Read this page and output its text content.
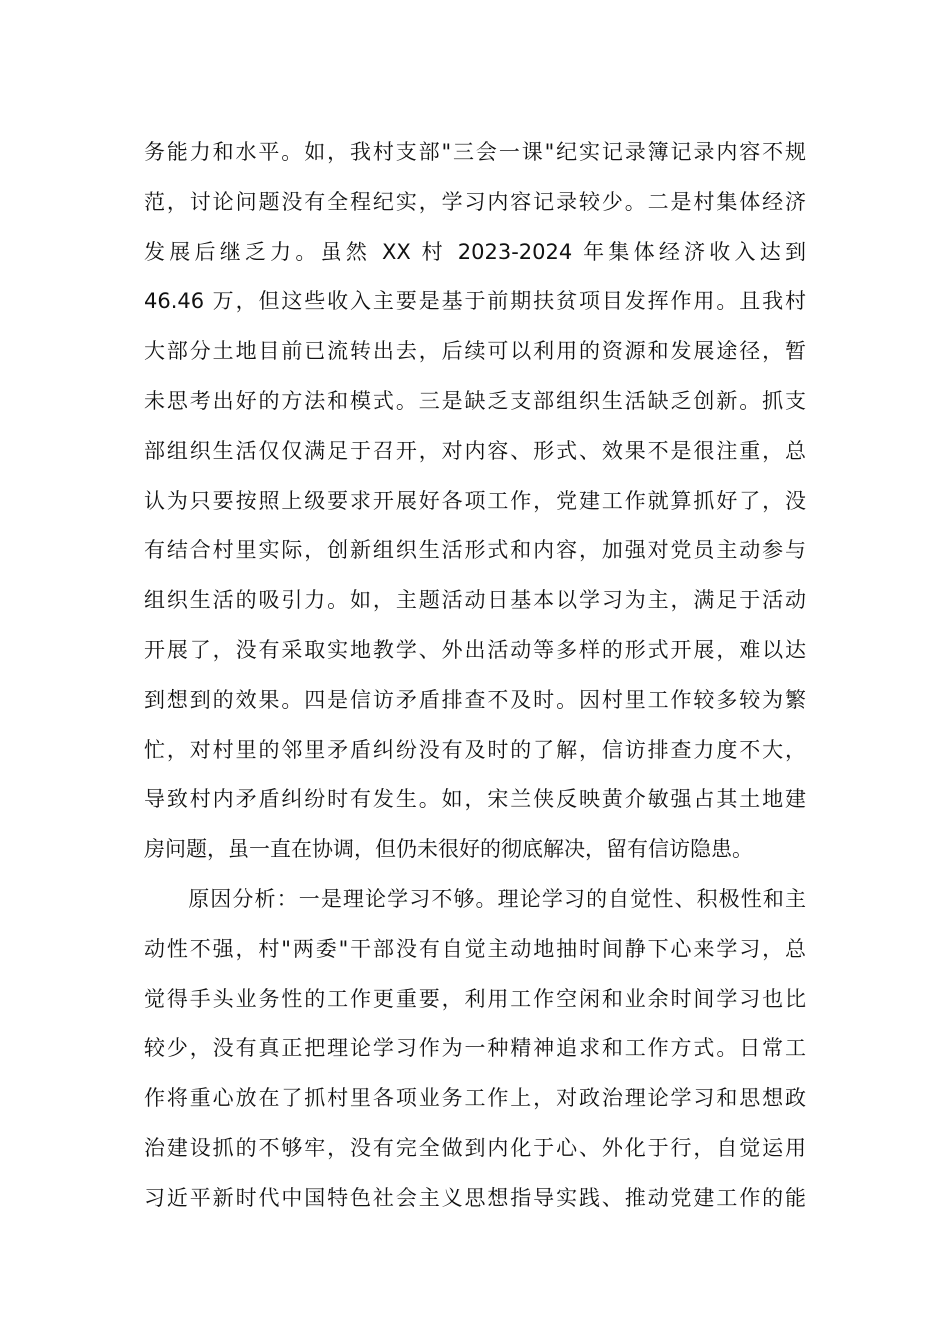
务能力和水平。如，我村支部"三会一课"纪实记录簿记录内容不规
范，讨论问题没有全程纪实，学习内容记录较少。二是村集体经济
发展后继乏力。虽然 XX 村 2023-2024 年集体经济收入达到
46.46 万，但这些收入主要是基于前期扶贫项目发挥作用。且我村
大部分土地目前已流转出去，后续可以利用的资源和发展途径，暂
未思考出好的方法和模式。三是缺乏支部组织生活缺乏创新。抓支
部组织生活仅仅满足于召开，对内容、形式、效果不是很注重，总
认为只要按照上级要求开展好各项工作，党建工作就算抓好了，没
有结合村里实际，创新组织生活形式和内容，加强对党员主动参与
组织生活的吸引力。如，主题活动日基本以学习为主，满足于活动
开展了，没有采取实地教学、外出活动等多样的形式开展，难以达
到想到的效果。四是信访矛盾排查不及时。因村里工作较多较为繁
忙，对村里的邻里矛盾纠纷没有及时的了解，信访排查力度不大，
导致村内矛盾纠纷时有发生。如，宋兰侠反映黄介敏强占其土地建
房问题，虽一直在协调，但仍未很好的彻底解决，留有信访隐患。
　　原因分析：一是理论学习不够。理论学习的自觉性、积极性和主
动性不强，村"两委"干部没有自觉主动地抽时间静下心来学习，总
觉得手头业务性的工作更重要，利用工作空闲和业余时间学习也比
较少，没有真正把理论学习作为一种精神追求和工作方式。日常工
作将重心放在了抓村里各项业务工作上，对政治理论学习和思想政
治建设抓的不够牢，没有完全做到内化于心、外化于行，自觉运用
习近平新时代中国特色社会主义思想指导实践、推动党建工作的能
